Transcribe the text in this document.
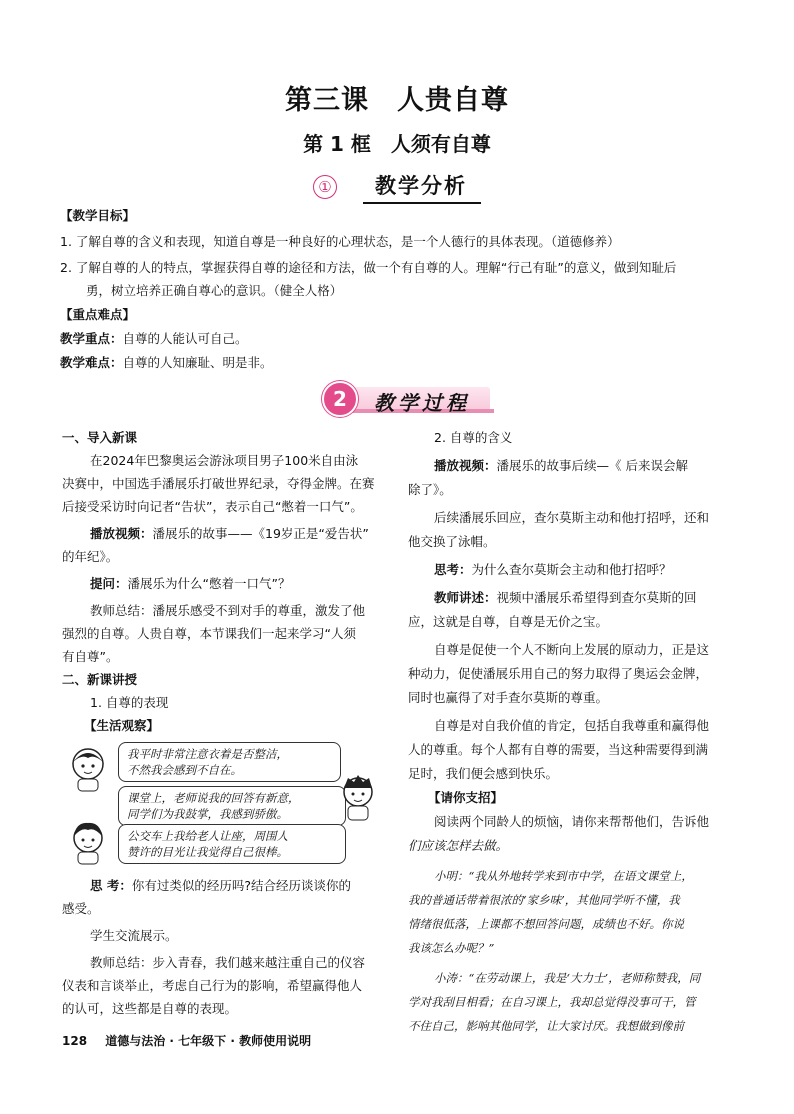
第三课　人贵自尊
第 1 框　人须有自尊
①	教学分析
【教学目标】
1. 了解自尊的含义和表现，知道自尊是一种良好的心理状态，是一个人德行的具体表现。（道德修养）
2. 了解自尊的人的特点，掌握获得自尊的途径和方法，做一个有自尊的人。理解“行己有耻”的意义，做到知耻后
勇，树立培养正确自尊心的意识。（健全人格）
【重点难点】
教学重点：自尊的人能认可自己。
教学难点：自尊的人知廉耻、明是非。
2	教学过程
一、导入新课
在2024年巴黎奥运会游泳项目男子100米自由泳
决赛中，中国选手潘展乐打破世界纪录，夺得金牌。在赛
后接受采访时向记者“告状”，表示自己“憋着一口气”。
播放视频：潘展乐的故事——《19岁正是“爱告状”
的年纪》。
提问：潘展乐为什么“憋着一口气”？
教师总结：潘展乐感受不到对手的尊重，激发了他
强烈的自尊。人贵自尊，本节课我们一起来学习“人须
有自尊”。
二、新课讲授
1. 自尊的表现
【生活观察】
我平时非常注意衣着是否整洁，
不然我会感到不自在。
课堂上，老师说我的回答有新意，
同学们为我鼓掌，我感到骄傲。
公交车上我给老人让座，周围人
赞许的目光让我觉得自己很棒。
思 考：你有过类似的经历吗?结合经历谈谈你的
感受。
学生交流展示。
教师总结：步入青春，我们越来越注重自己的仪容
仪表和言谈举止，考虑自己行为的影响，希望赢得他人
的认可，这些都是自尊的表现。
2. 自尊的含义
播放视频：潘展乐的故事后续—《 后来误会解
除了》。
后续潘展乐回应，查尔莫斯主动和他打招呼，还和
他交换了泳帽。
思考：为什么查尔莫斯会主动和他打招呼？
教师讲述：视频中潘展乐希望得到查尔莫斯的回
应，这就是自尊，自尊是无价之宝。
自尊是促使一个人不断向上发展的原动力，正是这
种动力，促使潘展乐用自己的努力取得了奥运会金牌，
同时也赢得了对手查尔莫斯的尊重。
自尊是对自我价值的肯定，包括自我尊重和赢得他
人的尊重。每个人都有自尊的需要，当这种需要得到满
足时，我们便会感到快乐。
【请你支招】
阅读两个同龄人的烦恼，请你来帮帮他们，告诉他
们应该怎样去做。
小明：“我从外地转学来到市中学，在语文课堂上，
我的普通话带着很浓的‘家乡味’，其他同学听不懂，我
情绪很低落，上课都不想回答问题，成绩也不好。你说
我该怎么办呢？”
小涛：“在劳动课上，我是‘大力士’，老师称赞我，同
学对我刮目相看；在自习课上，我却总觉得没事可干，管
不住自己，影响其他同学，让大家讨厌。我想做到像前
128 道德与法治 · 七年级下 · 教师使用说明
